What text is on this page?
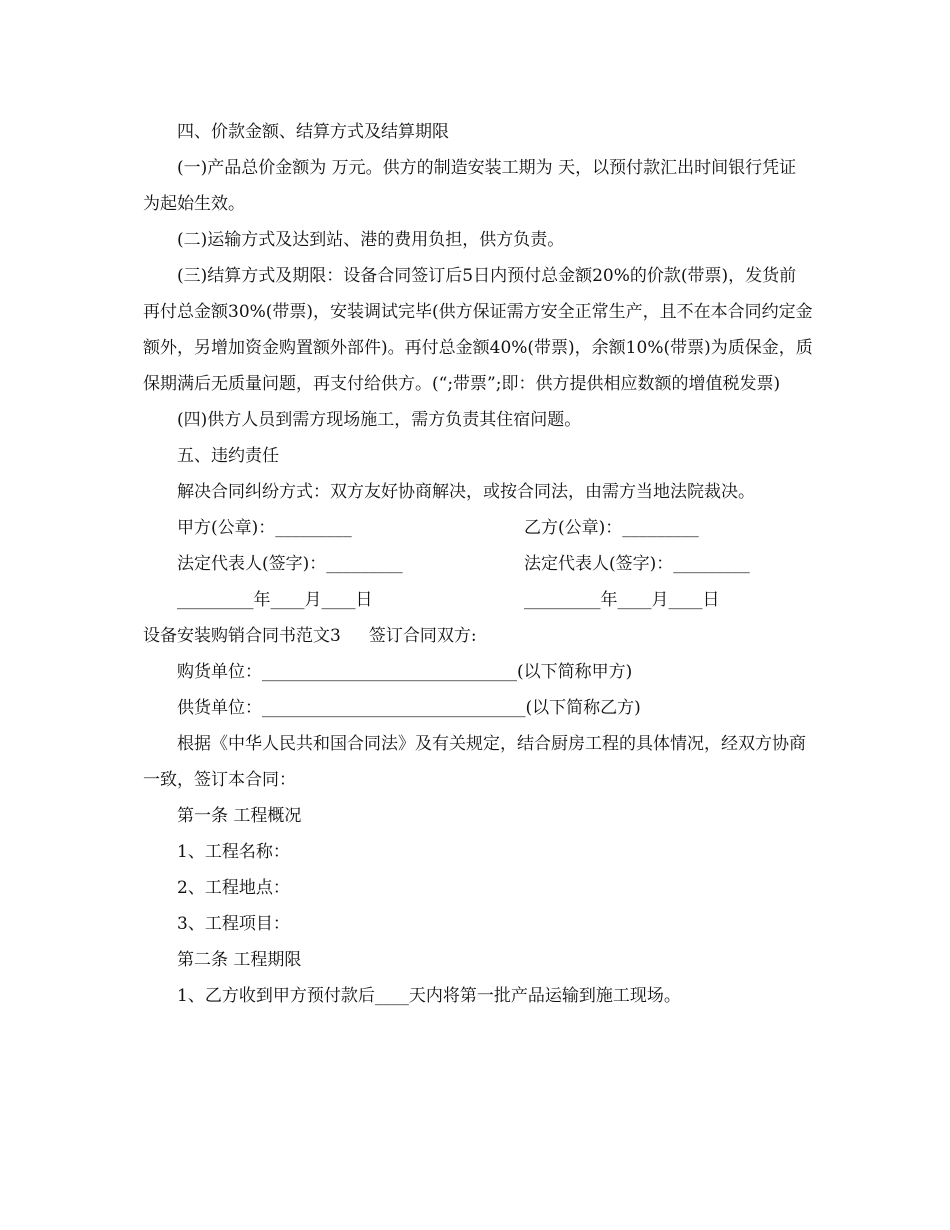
四、价款金额、结算方式及结算期限

(一)产品总价金额为 万元。供方的制造安装工期为 天，以预付款汇出时间银行凭证为起始生效。

(二)运输方式及达到站、港的费用负担，供方负责。

(三)结算方式及期限：设备合同签订后5日内预付总金额20%的价款(带票)，发货前再付总金额30%(带票)，安装调试完毕(供方保证需方安全正常生产，且不在本合同约定金额外，另增加资金购置额外部件)。再付总金额40%(带票)，余额10%(带票)为质保金，质保期满后无质量问题，再支付给供方。(“;带票”;即：供方提供相应数额的增值税发票)

(四)供方人员到需方现场施工，需方负责其住宿问题。

五、违约责任

解决合同纠纷方式：双方友好协商解决，或按合同法，由需方当地法院裁决。

甲方(公章)：_________	乙方(公章)：_________
法定代表人(签字)：_________	法定代表人(签字)：_________
_________年____月____日	_________年____月____日

设备安装购销合同书范文3 签订合同双方:

购货单位：______________________________(以下简称甲方)

供货单位：_______________________________(以下简称乙方)

根据《中华人民共和国合同法》及有关规定，结合厨房工程的具体情况，经双方协商一致，签订本合同：

第一条 工程概况

1、工程名称：

2、工程地点：

3、工程项目：

第二条 工程期限

1、乙方收到甲方预付款后____天内将第一批产品运输到施工现场。
